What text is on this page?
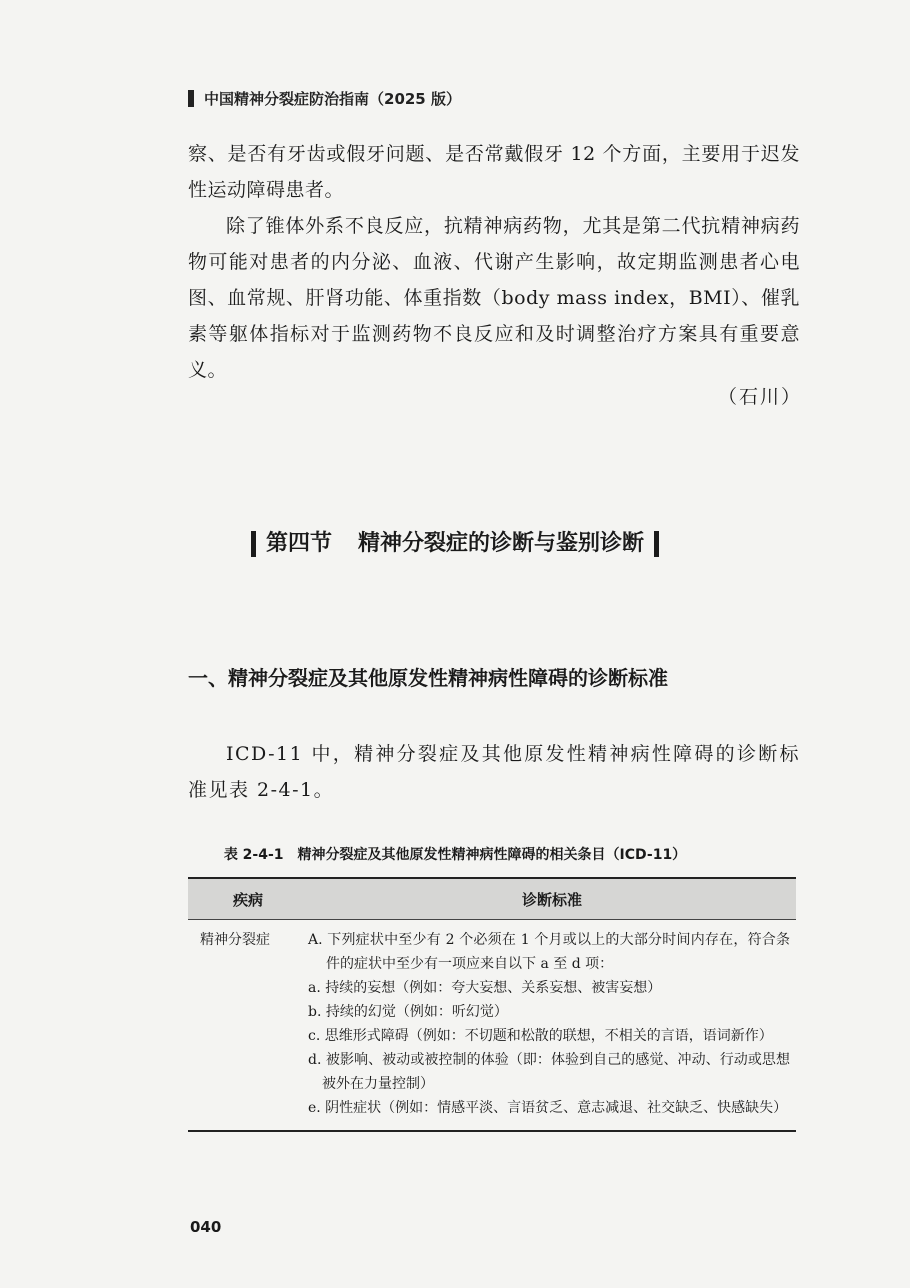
中国精神分裂症防治指南（2025 版）

察、是否有牙齿或假牙问题、是否常戴假牙 12 个方面，主要用于迟发性运动障碍患者。

除了锥体外系不良反应，抗精神病药物，尤其是第二代抗精神病药物可能对患者的内分泌、血液、代谢产生影响，故定期监测患者心电图、血常规、肝肾功能、体重指数（body mass index，BMI）、催乳素等躯体指标对于监测药物不良反应和及时调整治疗方案具有重要意义。

（石川）
第四节 精神分裂症的诊断与鉴别诊断
一、精神分裂症及其他原发性精神病性障碍的诊断标准

ICD-11 中，精神分裂症及其他原发性精神病性障碍的诊断标准见表 2-4-1。

表 2-4-1 精神分裂症及其他原发性精神病性障碍的相关条目（ICD-11）
疾病	诊断标准
精神分裂症	A. 下列症状中至少有 2 个必须在 1 个月或以上的大部分时间内存在，符合条件的症状中至少有一项应来自以下 a 至 d 项：

a. 持续的妄想（例如：夸大妄想、关系妄想、被害妄想）

b. 持续的幻觉（例如：听幻觉）

c. 思维形式障碍（例如：不切题和松散的联想，不相关的言语，语词新作）

d. 被影响、被动或被控制的体验（即：体验到自己的感觉、冲动、行动或思想被外在力量控制）

e. 阴性症状（例如：情感平淡、言语贫乏、意志减退、社交缺乏、快感缺失）

040
